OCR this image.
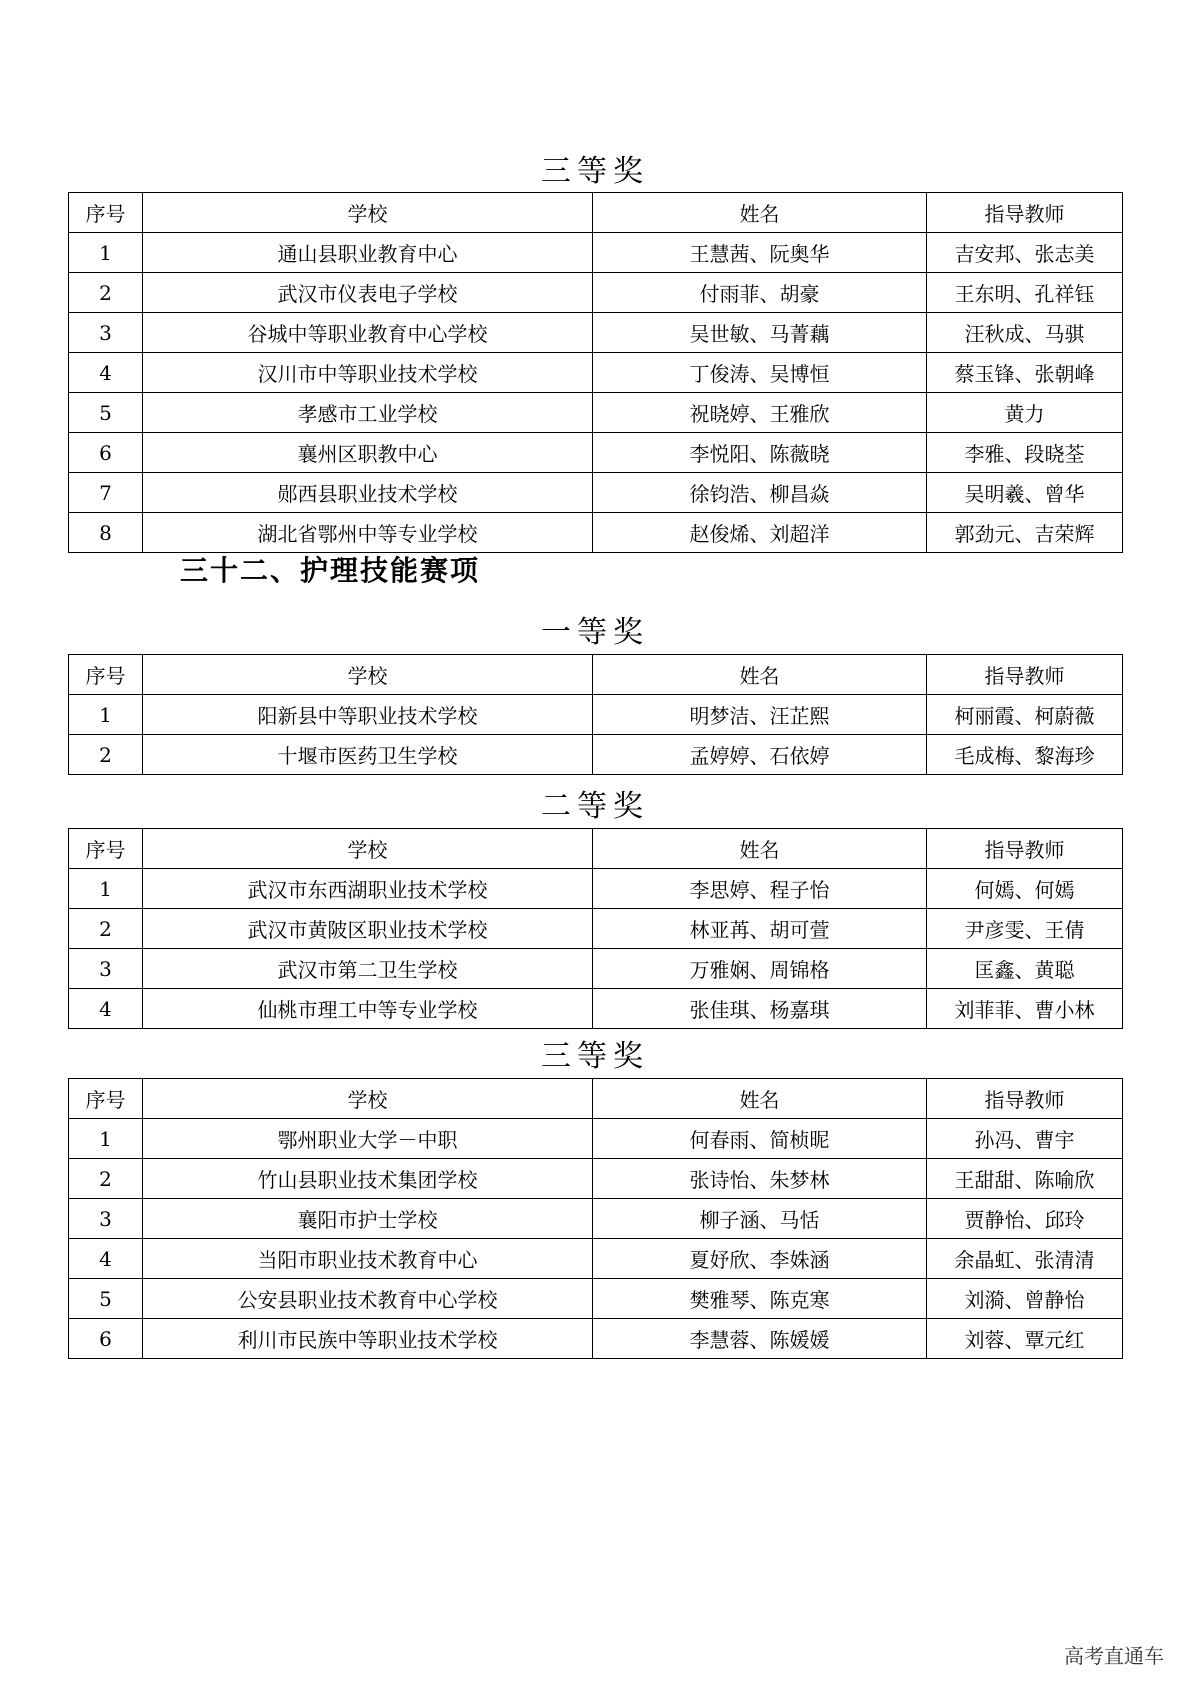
三等奖
序号	学校	姓名	指导教师
1	通山县职业教育中心	王慧茜、阮奥华	吉安邦、张志美
2	武汉市仪表电子学校	付雨菲、胡豪	王东明、孔祥钰
3	谷城中等职业教育中心学校	吴世敏、马菁藕	汪秋成、马骐
4	汉川市中等职业技术学校	丁俊涛、吴博恒	蔡玉锋、张朝峰
5	孝感市工业学校	祝晓婷、王雅欣	黄力
6	襄州区职教中心	李悦阳、陈薇晓	李雅、段晓荃
7	郧西县职业技术学校	徐钧浩、柳昌焱	吴明羲、曾华
8	湖北省鄂州中等专业学校	赵俊烯、刘超洋	郭劲元、吉荣辉
三十二、护理技能赛项
一等奖
序号	学校	姓名	指导教师
1	阳新县中等职业技术学校	明梦洁、汪芷熙	柯丽霞、柯蔚薇
2	十堰市医药卫生学校	孟婷婷、石依婷	毛成梅、黎海珍
二等奖
序号	学校	姓名	指导教师
1	武汉市东西湖职业技术学校	李思婷、程子怡	何嫣、何嫣
2	武汉市黄陂区职业技术学校	林亚苒、胡可萱	尹彦雯、王倩
3	武汉市第二卫生学校	万雅娴、周锦格	匡鑫、黄聪
4	仙桃市理工中等专业学校	张佳琪、杨嘉琪	刘菲菲、曹小林
三等奖
序号	学校	姓名	指导教师
1	鄂州职业大学－中职	何春雨、简桢昵	孙冯、曹宇
2	竹山县职业技术集团学校	张诗怡、朱梦林	王甜甜、陈喻欣
3	襄阳市护士学校	柳子涵、马恬	贾静怡、邱玲
4	当阳市职业技术教育中心	夏妤欣、李姝涵	余晶虹、张清清
5	公安县职业技术教育中心学校	樊雅琴、陈克寒	刘漪、曾静怡
6	利川市民族中等职业技术学校	李慧蓉、陈媛媛	刘蓉、覃元红
高考直通车
